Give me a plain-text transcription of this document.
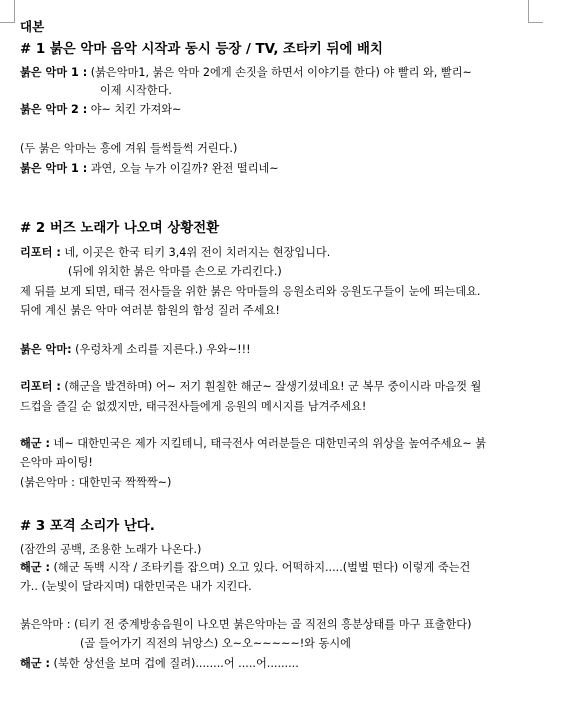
대본
# 1 붉은 악마 음악 시작과 동시 등장 / TV, 조타키 뒤에 배치
붉은 악마 1 : (붉은악마1, 붉은 악마 2에게 손짓을 하면서 이야기를 한다) 야 빨리 와, 빨리~
이제 시작한다.
붉은 악마 2 : 야~ 치킨 가져와~
(두 붉은 악마는 흥에 겨워 들썩들썩 거린다.)
붉은 악마 1 : 과연, 오늘 누가 이길까? 완전 떨리네~
# 2 버즈 노래가 나오며 상황전환
리포터 : 네, 이곳은 한국 티키 3,4위 전이 치러지는 현장입니다.
(뒤에 위치한 붉은 악마를 손으로 가리킨다.)
제 뒤를 보게 되면, 태극 전사들을 위한 붉은 악마들의 응원소리와 응원도구들이 눈에 띄는데요.
뒤에 계신 붉은 악마 여러분 함원의 함성 질러 주세요!
붉은 악마: (우렁차게 소리를 지른다.) 우와~!!!
리포터 : (해군을 발견하며) 어~ 저기 훤칠한 해군~ 잘생기셨네요! 군 복무 중이시라 마음껏 월
드컵을 즐길 순 없겠지만, 태극전사들에게 응원의 메시지를 남겨주세요!
해군 : 네~ 대한민국은 제가 지킬테니, 태극전사 여러분들은 대한민국의 위상을 높여주세요~ 붉
은악마 파이팅!
(붉은악마 : 대한민국 짝짝짝~)
# 3 포격 소리가 난다.
(잠깐의 공백, 조용한 노래가 나온다.)
해군 : (해군 독백 시작 / 조타키를 잡으며) 오고 있다. 어떡하지.....(벌벌 떤다) 이렇게 죽는건
가.. (눈빛이 달라지며) 대한민국은 내가 지킨다.
붉은악마 : (티키 전 중계방송음원이 나오면 붉은악마는 골 직전의 흥분상태를 마구 표출한다)
(골 들어가기 직전의 뉘앙스) 오~오~~~~~!와 동시에
해군 : (북한 상선을 보며 겁에 질려)........어 .....어.........
